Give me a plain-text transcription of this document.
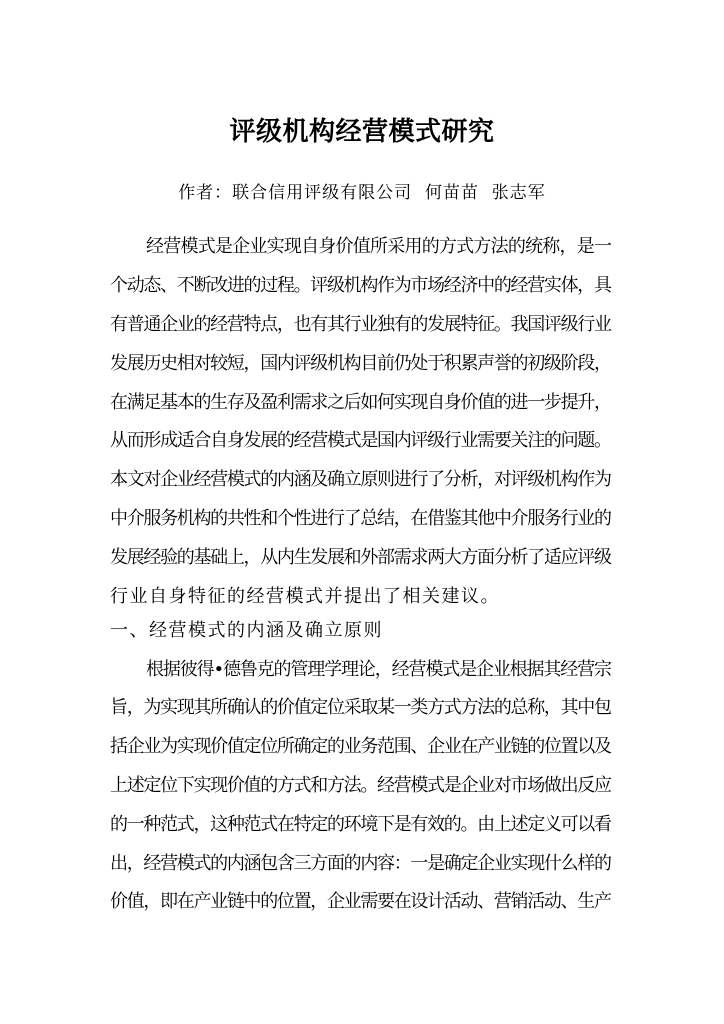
评级机构经营模式研究
作者：联合信用评级有限公司  何苗苗  张志军
经营模式是企业实现自身价值所采用的方式方法的统称，是一
个动态、不断改进的过程。评级机构作为市场经济中的经营实体，具
有普通企业的经营特点，也有其行业独有的发展特征。我国评级行业
发展历史相对较短，国内评级机构目前仍处于积累声誉的初级阶段，
在满足基本的生存及盈利需求之后如何实现自身价值的进一步提升，
从而形成适合自身发展的经营模式是国内评级行业需要关注的问题。
本文对企业经营模式的内涵及确立原则进行了分析，对评级机构作为
中介服务机构的共性和个性进行了总结，在借鉴其他中介服务行业的
发展经验的基础上，从内生发展和外部需求两大方面分析了适应评级
行业自身特征的经营模式并提出了相关建议。
一、经营模式的内涵及确立原则
根据彼得•德鲁克的管理学理论，经营模式是企业根据其经营宗
旨，为实现其所确认的价值定位采取某一类方式方法的总称，其中包
括企业为实现价值定位所确定的业务范围、企业在产业链的位置以及
上述定位下实现价值的方式和方法。经营模式是企业对市场做出反应
的一种范式，这种范式在特定的环境下是有效的。由上述定义可以看
出，经营模式的内涵包含三方面的内容：一是确定企业实现什么样的
价值，即在产业链中的位置，企业需要在设计活动、营销活动、生产
